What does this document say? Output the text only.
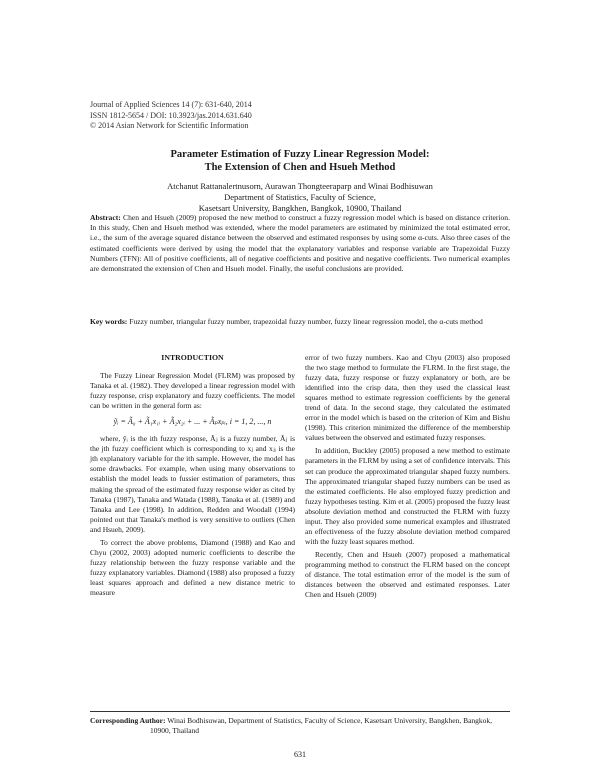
Journal of Applied Sciences 14 (7): 631-640, 2014
ISSN 1812-5654 / DOI: 10.3923/jas.2014.631.640
© 2014 Asian Network for Scientific Information
Parameter Estimation of Fuzzy Linear Regression Model:
The Extension of Chen and Hsueh Method
Atchanut Rattanalertnusorn, Aurawan Thongteeraparp and Winai Bodhisuwan
Department of Statistics, Faculty of Science,
Kasetsart University, Bangkhen, Bangkok, 10900, Thailand
Abstract: Chen and Hsueh (2009) proposed the new method to construct a fuzzy regression model which is based on distance criterion. In this study, Chen and Hsueh method was extended, where the model parameters are estimated by minimized the total estimated error, i.e., the sum of the average squared distance between the observed and estimated responses by using some α-cuts. Also three cases of the estimated coefficients were derived by using the model that the explanatory variables and response variable are Trapezoidal Fuzzy Numbers (TFN): All of positive coefficients, all of negative coefficients and positive and negative coefficients. Two numerical examples are demonstrated the extension of Chen and Hsueh model. Finally, the useful conclusions are provided.
Key words: Fuzzy number, triangular fuzzy number, trapezoidal fuzzy number, fuzzy linear regression model, the α-cuts method
INTRODUCTION

The Fuzzy Linear Regression Model (FLRM) was proposed by Tanaka et al. (1982). They developed a linear regression model with fuzzy response, crisp explanatory and fuzzy coefficients. The model can be written in the general form as:

ỹᵢ = Ã₀ + Ã₁x₁ᵢ + Ã₂x₂ᵢ + ... + Ãₚxₚᵢ, i = 1, 2, ..., n

where, ỹᵢ is the ith fuzzy response, Ãⱼ is a fuzzy number, Ãⱼ is the jth fuzzy coefficient which is corresponding to xⱼ and xⱼᵢ is the jth explanatory variable for the ith sample. However, the model has some drawbacks. For example, when using many observations to establish the model leads to fussier estimation of parameters, thus making the spread of the estimated fuzzy response wider as cited by Tanaka (1987), Tanaka and Watada (1988), Tanaka et al. (1989) and Tanaka and Lee (1998). In addition, Redden and Woodall (1994) pointed out that Tanaka's method is very sensitive to outliers (Chen and Hsueh, 2009).

To correct the above problems, Diamond (1988) and Kao and Chyu (2002, 2003) adopted numeric coefficients to describe the fuzzy relationship between the fuzzy response variable and the fuzzy explanatory variables. Diamond (1988) also proposed a fuzzy least squares approach and defined a new distance metric to measure

error of two fuzzy numbers. Kao and Chyu (2003) also proposed the two stage method to formulate the FLRM. In the first stage, the fuzzy data, fuzzy response or fuzzy explanatory or both, are be identified into the crisp data, then they used the classical least squares method to estimate regression coefficients by the general trend of data. In the second stage, they calculated the estimated error in the model which is based on the criterion of Kim and Bishu (1998). This criterion minimized the difference of the membership values between the observed and estimated fuzzy responses.

In addition, Buckley (2005) proposed a new method to estimate parameters in the FLRM by using a set of confidence intervals. This set can produce the approximated triangular shaped fuzzy numbers. The approximated triangular shaped fuzzy numbers can be used as the estimated coefficients. He also employed fuzzy prediction and fuzzy hypotheses testing. Kim et al. (2005) proposed the fuzzy least absolute deviation method and constructed the FLRM with fuzzy input. They also provided some numerical examples and illustrated an effectiveness of the fuzzy absolute deviation method compared with the fuzzy least squares method.

Recently, Chen and Hsueh (2007) proposed a mathematical programming method to construct the FLRM based on the concept of distance. The total estimation error of the model is the sum of distances between the observed and estimated responses. Later Chen and Hsueh (2009)

Corresponding Author: Winai Bodhisuwan, Department of Statistics, Faculty of Science, Kasetsart University, Bangkhen, Bangkok, 10900, Thailand
631
